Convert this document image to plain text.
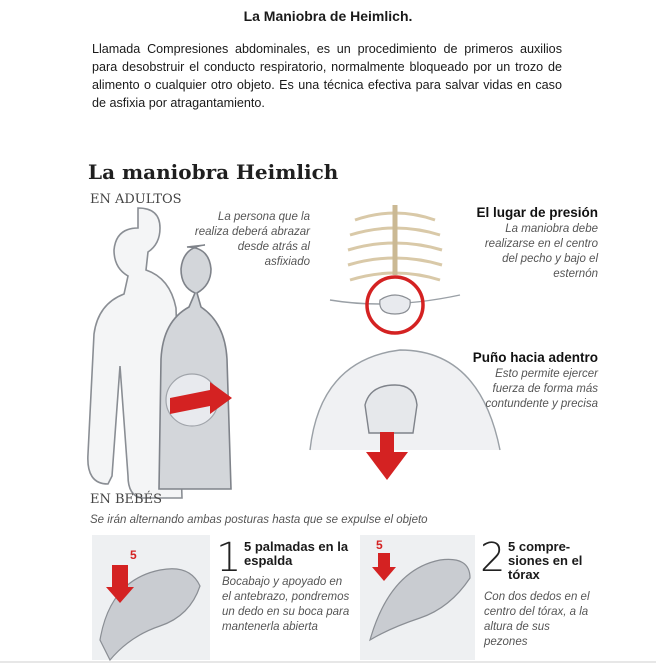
La Maniobra de Heimlich.
Llamada Compresiones abdominales, es un procedimiento de primeros auxilios para desobstruir el conducto respiratorio, normalmente bloqueado por un trozo de alimento o cualquier otro objeto. Es una técnica efectiva para salvar vidas en caso de asfixia por atragantamiento.
La maniobra Heimlich
EN ADULTOS
La persona que la realiza deberá abrazar desde atrás al asfixiado
El lugar de presión
La maniobra debe realizarse en el centro del pecho y bajo el esternón
Puño hacia adentro
Esto permite ejercer fuerza de forma más contundente y precisa
EN BEBÉS
Se irán alternando ambas posturas hasta que se expulse el objeto
1 5 palmadas en la espalda
Bocabajo y apoyado en el antebrazo, pondremos un dedo en su boca para mantenerla abierta
5	2 5 compre-siones en el tórax
Con dos dedos en el centro del tórax, a la altura de sus pezones
5
